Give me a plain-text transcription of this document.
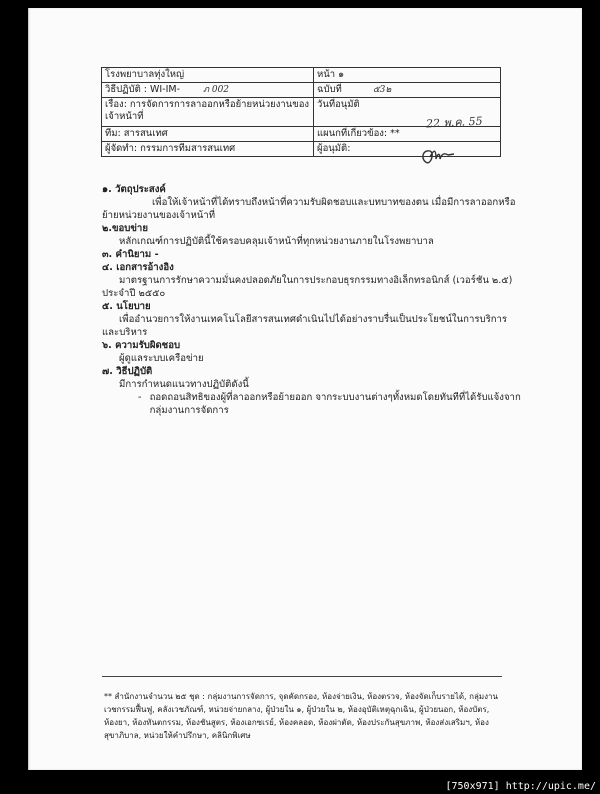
โรงพยาบาลทุ่งใหญ่	หน้า ๑
วิธีปฏิบัติ : WI-IM- ภ 002	ฉบับที่ ๕3๒
เรื่อง: การจัดการการลาออกหรือย้ายหน่วยงานของเจ้าหน้าที่	วันที่อนุมัติ
ทีม: สารสนเทศ	แผนกที่เกี่ยวข้อง: **
ผู้จัดทำ: กรรมการทีมสารสนเทศ	ผู้อนุมัติ:
22 พ.ค. 55

๑. วัตถุประสงค์

เพื่อให้เจ้าหน้าที่ได้ทราบถึงหน้าที่ความรับผิดชอบและบทบาทของตน เมื่อมีการลาออกหรือย้ายหน่วยงานของเจ้าหน้าที่

๒.ขอบข่าย

หลักเกณฑ์การปฏิบัตินี้ใช้ครอบคลุมเจ้าหน้าที่ทุกหน่วยงานภายในโรงพยาบาล

๓. คำนิยาม -

๔. เอกสารอ้างอิง

มาตรฐานการรักษาความมั่นคงปลอดภัยในการประกอบธุรกรรมทางอิเล็กทรอนิกส์ (เวอร์ชัน ๒.๕) ประจำปี ๒๕๕๐

๕. นโยบาย

เพื่ออำนวยการให้งานเทคโนโลยีสารสนเทศดำเนินไปได้อย่างราบรื่นเป็นประโยชน์ในการบริการและบริหาร

๖. ความรับผิดชอบ

ผู้ดูแลระบบเครือข่าย

๗. วิธีปฏิบัติ

มีการกำหนดแนวทางปฏิบัติดังนี้

- ถอดถอนสิทธิของผู้ที่ลาออกหรือย้ายออก จากระบบงานต่างๆทั้งหมดโดยทันทีที่ได้รับแจ้งจากกลุ่มงานการจัดการ
** สำนักงานจำนวน ๒๕ ชุด : กลุ่มงานการจัดการ, จุดคัดกรอง, ห้องจ่ายเงิน, ห้องตรวจ, ห้องจัดเก็บรายได้, กลุ่มงานเวชกรรมฟื้นฟู, คลังเวชภัณฑ์, หน่วยจ่ายกลาง, ผู้ป่วยใน ๑, ผู้ป่วยใน ๒, ห้องอุบัติเหตุฉุกเฉิน, ผู้ป่วยนอก, ห้องบัตร, ห้องยา, ห้องทันตกรรม, ห้องชันสูตร, ห้องเอกซเรย์, ห้องคลอด, ห้องผ่าตัด, ห้องประกันสุขภาพ, ห้องส่งเสริมฯ, ห้องสุขาภิบาล, หน่วยให้คำปรึกษา, คลินิกพิเศษ
[750x971] http://upic.me/
